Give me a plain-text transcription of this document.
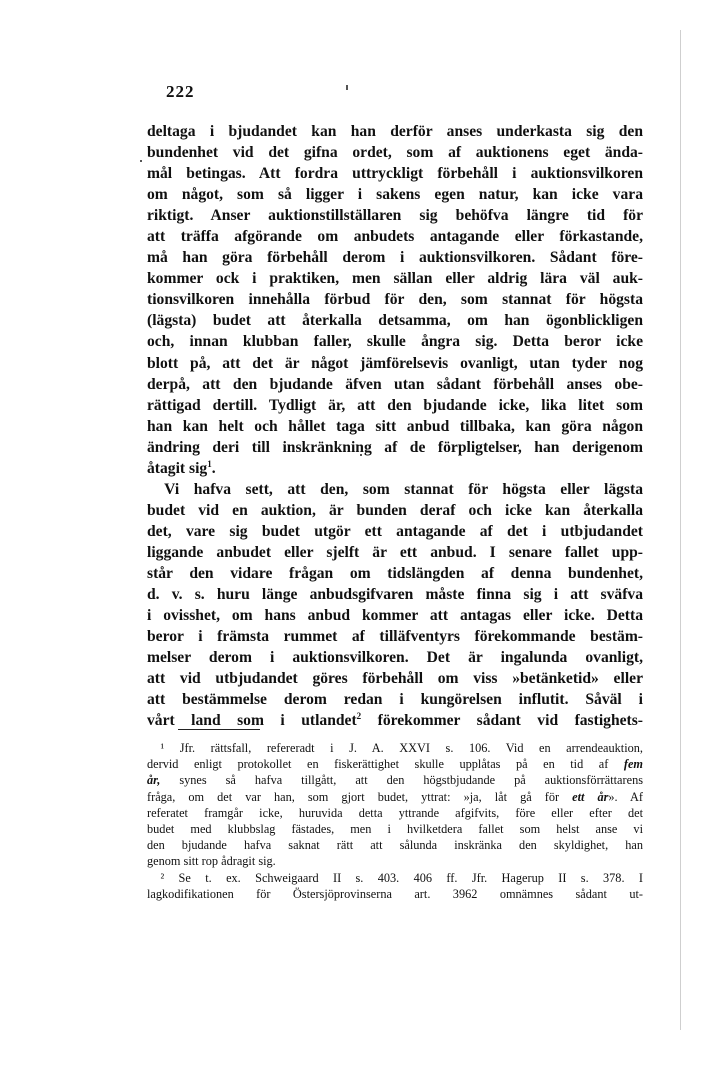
222
deltaga i bjudandet kan han derför anses underkasta sig den
bundenhet vid det gifna ordet, som af auktionens eget ända-
mål betingas. Att fordra uttryckligt förbehåll i auktionsvilkoren
om något, som så ligger i sakens egen natur, kan icke vara
riktigt. Anser auktionstillställaren sig behöfva längre tid för
att träffa afgörande om anbudets antagande eller förkastande,
må han göra förbehåll derom i auktionsvilkoren. Sådant före-
kommer ock i praktiken, men sällan eller aldrig lära väl auk-
tionsvilkoren innehålla förbud för den, som stannat för högsta
(lägsta) budet att återkalla detsamma, om han ögonblickligen
och, innan klubban faller, skulle ångra sig. Detta beror icke
blott på, att det är något jämförelsevis ovanligt, utan tyder nog
derpå, att den bjudande äfven utan sådant förbehåll anses obe-
rättigad dertill. Tydligt är, att den bjudande icke, lika litet som
han kan helt och hållet taga sitt anbud tillbaka, kan göra någon
ändring deri till inskränkning af de förpligtelser, han derigenom
åtagit sig$^1$.
Vi hafva sett, att den, som stannat för högsta eller lägsta
budet vid en auktion, är bunden deraf och icke kan återkalla
det, vare sig budet utgör ett antagande af det i utbjudandet
liggande anbudet eller sjelft är ett anbud. I senare fallet upp-
står den vidare frågan om tidslängden af denna bundenhet,
d. v. s. huru länge anbudsgifvaren måste finna sig i att sväfva
i ovisshet, om hans anbud kommer att antagas eller icke. Detta
beror i främsta rummet af tilläfventyrs förekommande bestäm-
melser derom i auktionsvilkoren. Det är ingalunda ovanligt,
att vid utbjudandet göres förbehåll om viss »betänketid» eller
att bestämmelse derom redan i kungörelsen influtit. Såväl i
vårt land som i utlandet$^2$ förekommer sådant vid fastighets-
¹ Jfr. rättsfall, refereradt i J. A. XXVI s. 106. Vid en arrendeauktion,
dervid enligt protokollet en fiskerättighet skulle upplåtas på en tid af fem
år, synes så hafva tillgått, att den högstbjudande på auktionsförrättarens
fråga, om det var han, som gjort budet, yttrat: »ja, låt gå för ett år». Af
referatet framgår icke, huruvida detta yttrande afgifvits, före eller efter det
budet med klubbslag fästades, men i hvilketdera fallet som helst anse vi
den bjudande hafva saknat rätt att sålunda inskränka den skyldighet, han
genom sitt rop ådragit sig.
² Se t. ex. Schweigaard II s. 403. 406 ff. Jfr. Hagerup II s. 378. I
lagkodifikationen för Östersjöprovinserna art. 3962 omnämnes sådant ut-
